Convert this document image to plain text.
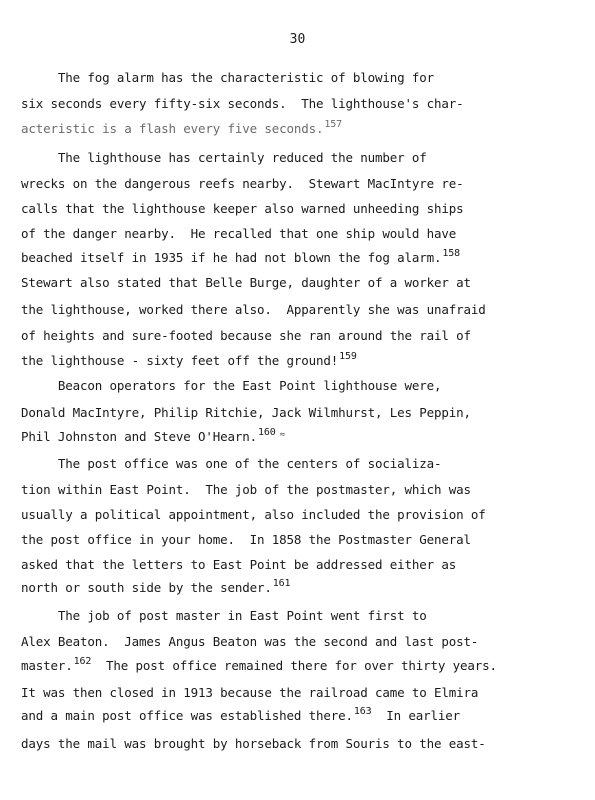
30
The fog alarm has the characteristic of blowing for
six seconds every fifty-six seconds.  The lighthouse's char-
acteristic is a flash every five seconds.$^{157}$
The lighthouse has certainly reduced the number of
wrecks on the dangerous reefs nearby.  Stewart MacIntyre re-
calls that the lighthouse keeper also warned unheeding ships
of the danger nearby.  He recalled that one ship would have
beached itself in 1935 if he had not blown the fog alarm.$^{158}$
Stewart also stated that Belle Burge, daughter of a worker at
the lighthouse, worked there also.  Apparently she was unafraid
of heights and sure-footed because she ran around the rail of
the lighthouse - sixty feet off the ground!$^{159}$
Beacon operators for the East Point lighthouse were,
Donald MacIntyre, Philip Ritchie, Jack Wilmhurst, Les Peppin,
Phil Johnston and Steve O'Hearn.$^{160}$ ≈
The post office was one of the centers of socializa-
tion within East Point.  The job of the postmaster, which was
usually a political appointment, also included the provision of
the post office in your home.  In 1858 the Postmaster General
asked that the letters to East Point be addressed either as
north or south side by the sender.$^{161}$
The job of post master in East Point went first to
Alex Beaton.  James Angus Beaton was the second and last post-
master.$^{162}$  The post office remained there for over thirty years.
It was then closed in 1913 because the railroad came to Elmira
and a main post office was established there.$^{163}$  In earlier
days the mail was brought by horseback from Souris to the east-
